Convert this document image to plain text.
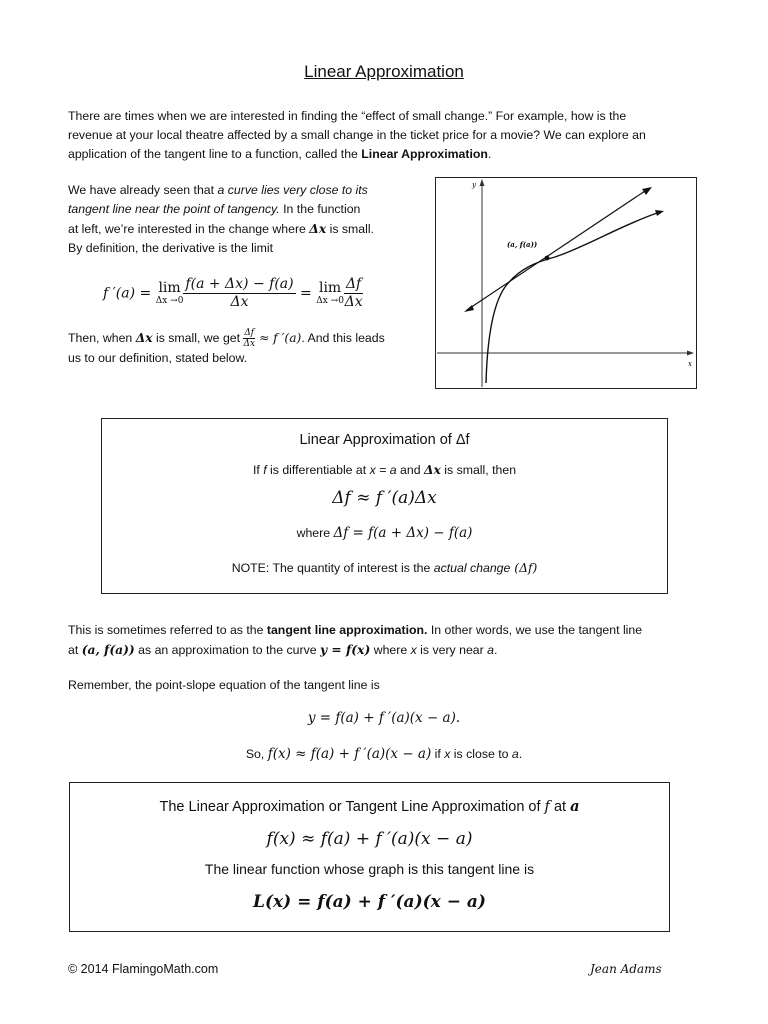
Linear Approximation
There are times when we are interested in finding the “effect of small change.” For example, how is the
revenue at your local theatre affected by a small change in the ticket price for a movie? We can explore an
application of the tangent line to a function, called the Linear Approximation.
We have already seen that a curve lies very close to its
tangent line near the point of tangency. In the function
at left, we’re interested in the change where Δx is small.
By definition, the derivative is the limit
f ′(a) = lim
$\Delta x \to 0 \frac{f(a + \Delta x) - f(a)}{\Delta x} = \lim$
$\Delta x \to 0 \frac{\Delta f}{\Delta x}$
Then, when Δx is small, we get $\frac{\Delta f}{\Delta x} \approx f$ ′(a). And this leads
us to our definition, stated below.
y
x
(a, f(a))
Linear Approximation of Δf
If f is differentiable at x = a and Δx is small, then
Δf ≈ f ′(a)Δx
where Δf = f(a + Δx) − f(a)
NOTE: The quantity of interest is the actual change (Δf)
This is sometimes referred to as the tangent line approximation. In other words, we use the tangent line
at (a, f(a)) as an approximation to the curve y = f(x) where x is very near a.
Remember, the point-slope equation of the tangent line is
y = f(a) + f ′(a)(x − a).
So, f(x) ≈ f(a) + f ′(a)(x − a) if x is close to a.
The Linear Approximation or Tangent Line Approximation of f at a
f(x) ≈ f(a) + f ′(a)(x − a)
The linear function whose graph is this tangent line is
L(x) = f(a) + f ′(a)(x − a)
© 2014 FlamingoMath.com	Jean Adams
